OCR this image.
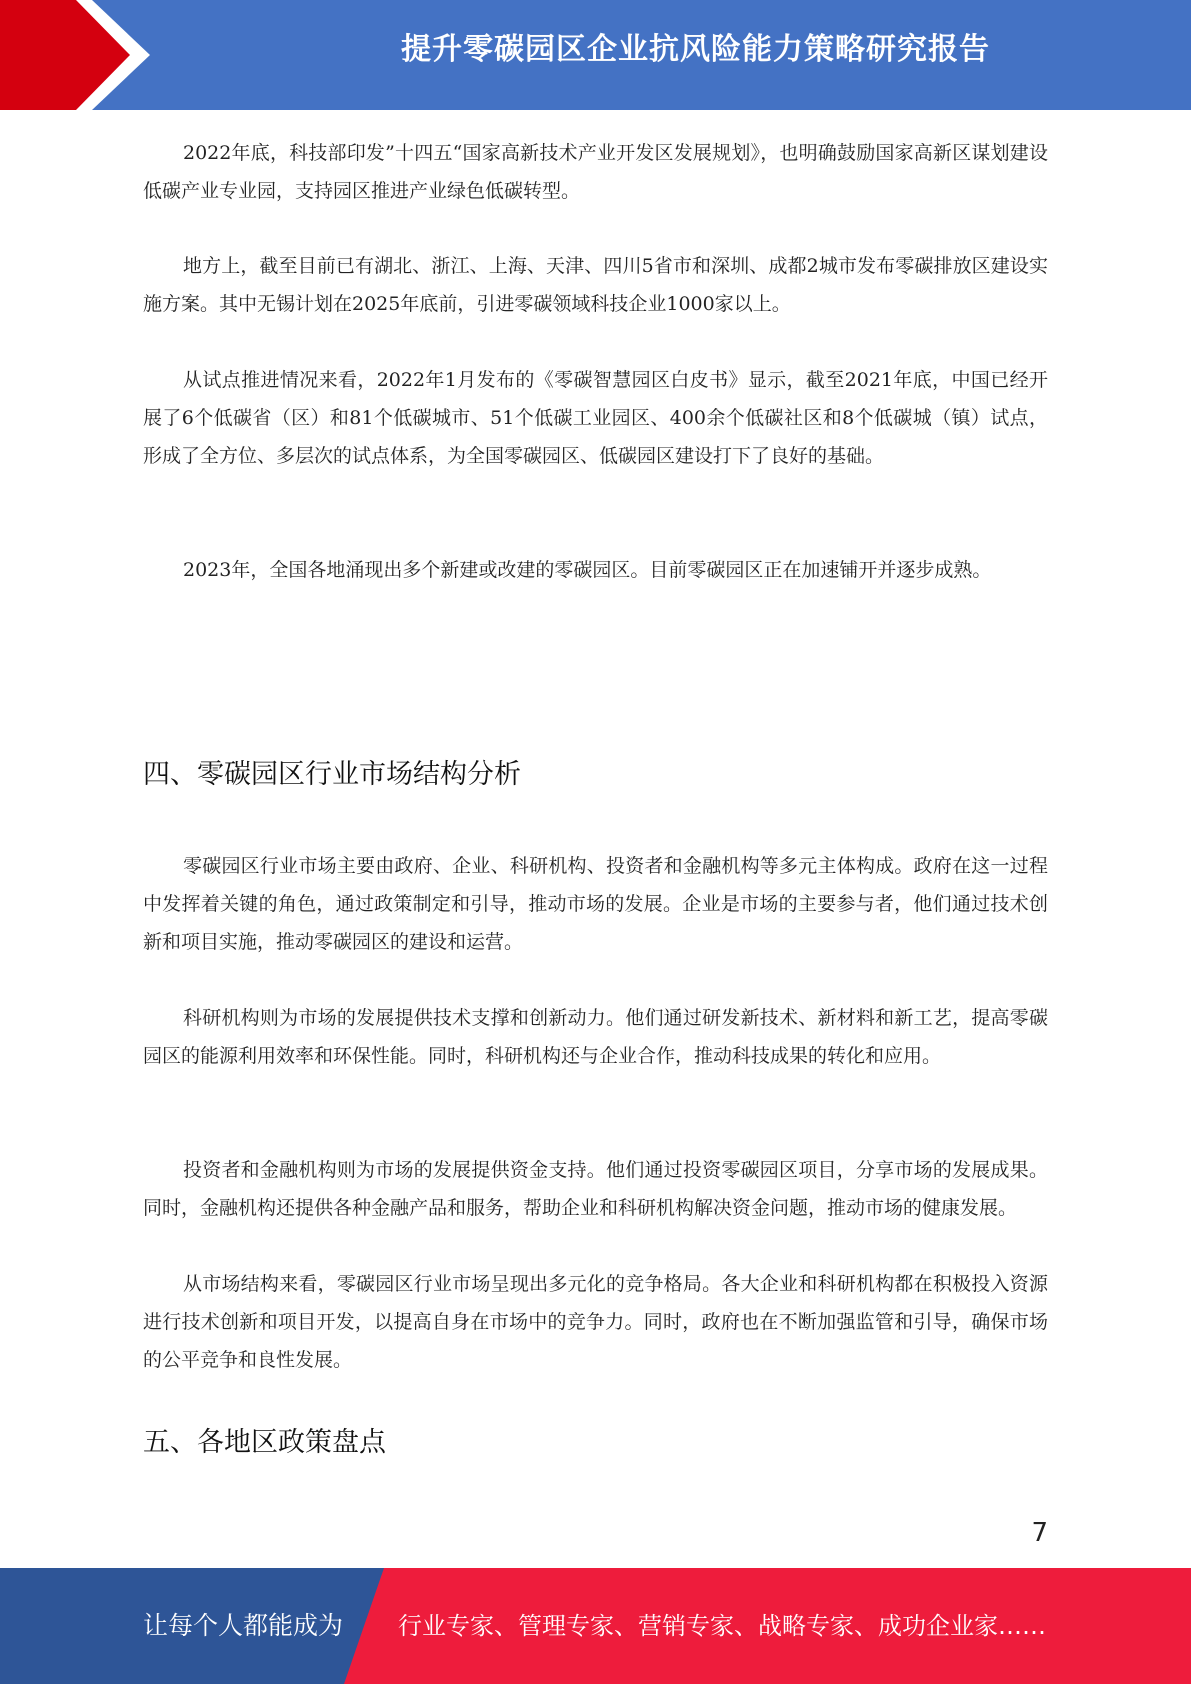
提升零碳园区企业抗风险能力策略研究报告

2022年底，科技部印发”十四五“国家高新技术产业开发区发展规划》，也明确鼓励国家高新区谋划建设低碳产业专业园，支持园区推进产业绿色低碳转型。

地方上，截至目前已有湖北、浙江、上海、天津、四川5省市和深圳、成都2城市发布零碳排放区建设实施方案。其中无锡计划在2025年底前，引进零碳领域科技企业1000家以上。

从试点推进情况来看，2022年1月发布的《零碳智慧园区白皮书》显示，截至2021年底，中国已经开展了6个低碳省（区）和81个低碳城市、51个低碳工业园区、400余个低碳社区和8个低碳城（镇）试点，形成了全方位、多层次的试点体系，为全国零碳园区、低碳园区建设打下了良好的基础。

2023年，全国各地涌现出多个新建或改建的零碳园区。目前零碳园区正在加速铺开并逐步成熟。

四、零碳园区行业市场结构分析

零碳园区行业市场主要由政府、企业、科研机构、投资者和金融机构等多元主体构成。政府在这一过程中发挥着关键的角色，通过政策制定和引导，推动市场的发展。企业是市场的主要参与者，他们通过技术创新和项目实施，推动零碳园区的建设和运营。

科研机构则为市场的发展提供技术支撑和创新动力。他们通过研发新技术、新材料和新工艺，提高零碳园区的能源利用效率和环保性能。同时，科研机构还与企业合作，推动科技成果的转化和应用。

投资者和金融机构则为市场的发展提供资金支持。他们通过投资零碳园区项目，分享市场的发展成果。同时，金融机构还提供各种金融产品和服务，帮助企业和科研机构解决资金问题，推动市场的健康发展。

从市场结构来看，零碳园区行业市场呈现出多元化的竞争格局。各大企业和科研机构都在积极投入资源进行技术创新和项目开发，以提高自身在市场中的竞争力。同时，政府也在不断加强监管和引导，确保市场的公平竞争和良性发展。

五、各地区政策盘点
7
让每个人都能成为 行业专家、管理专家、营销专家、战略专家、成功企业家……
